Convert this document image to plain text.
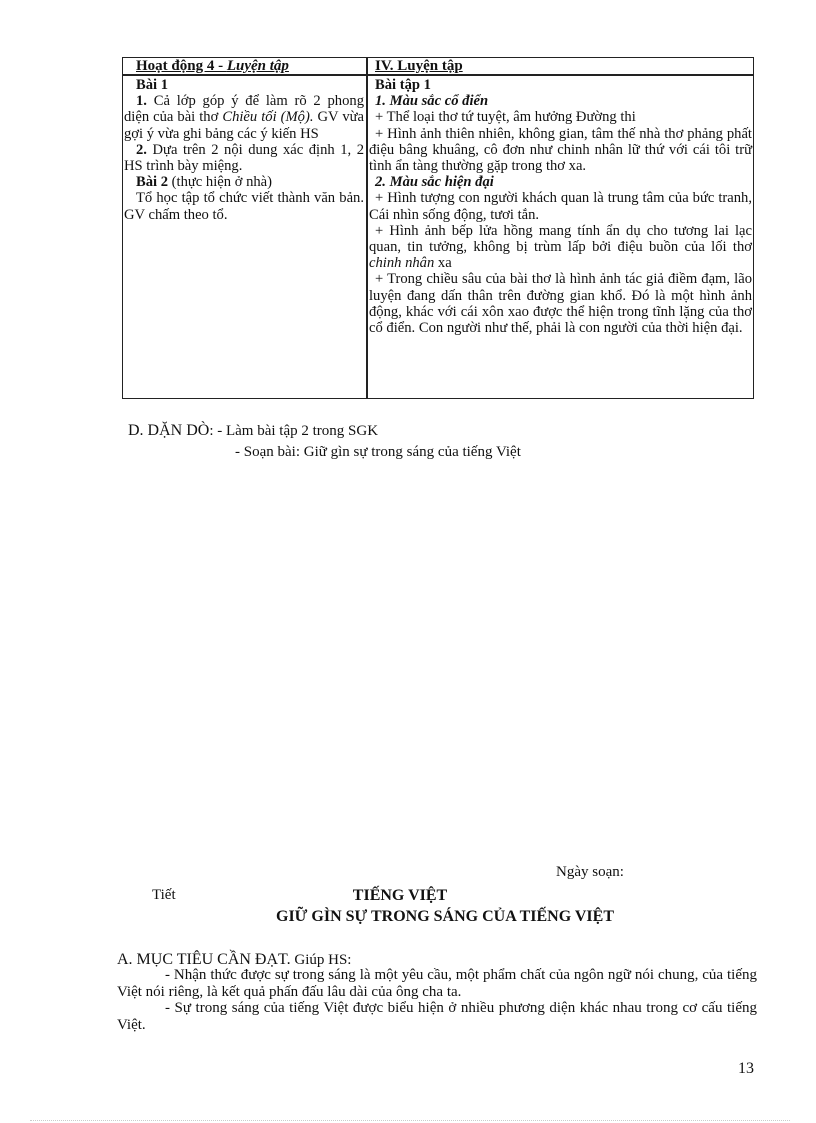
Hoạt động 4 - Luyện tập	IV. Luyện tập

Bài 1

1. Cả lớp góp ý để làm rõ 2 phong diện của bài thơ Chiều tối (Mộ). GV vừa gợi ý vừa ghi bảng các ý kiến HS

2. Dựa trên 2 nội dung xác định 1, 2 HS trình bày miệng.

Bài 2 (thực hiện ở nhà)

Tổ học tập tổ chức viết thành văn bản. GV chấm theo tổ.

Bài tập 1

1. Màu sắc cổ điển

+ Thể loại thơ tứ tuyệt, âm hưởng Đường thi

+ Hình ảnh thiên nhiên, không gian, tâm thế nhà thơ phảng phất điệu bâng khuâng, cô đơn như chinh nhân lữ thứ với cái tôi trữ tình ẩn tàng thường gặp trong thơ xa.

2. Màu sắc hiện đại

+ Hình tượng con người khách quan là trung tâm của bức tranh, Cái nhìn sống động, tươi tắn.

+ Hình ảnh bếp lửa hồng mang tính ẩn dụ cho tương lai lạc quan, tin tưởng, không bị trùm lấp bởi điệu buồn của lối thơ chinh nhân xa

+ Trong chiều sâu của bài thơ là hình ảnh tác giả điềm đạm, lão luyện đang dấn thân trên đường gian khổ. Đó là một hình ảnh động, khác với cái xôn xao được thể hiện trong tĩnh lặng của thơ cổ điển. Con người như thế, phải là con người của thời hiện đại.

D. DẶN DÒ: - Làm bài tập 2 trong SGK
- Soạn bài: Giữ gìn sự trong sáng của tiếng Việt
Ngày soạn:
Tiết	TIẾNG VIỆT
GIỮ GÌN SỰ TRONG SÁNG CỦA TIẾNG VIỆT
A. MỤC TIÊU CẦN ĐẠT. Giúp HS:

- Nhận thức được sự trong sáng là một yêu cầu, một phẩm chất của ngôn ngữ nói chung, của tiếng Việt nói riêng, là kết quả phấn đấu lâu dài của ông cha ta.

- Sự trong sáng của tiếng Việt được biểu hiện ở nhiều phương diện khác nhau trong cơ cấu tiếng Việt.

13
